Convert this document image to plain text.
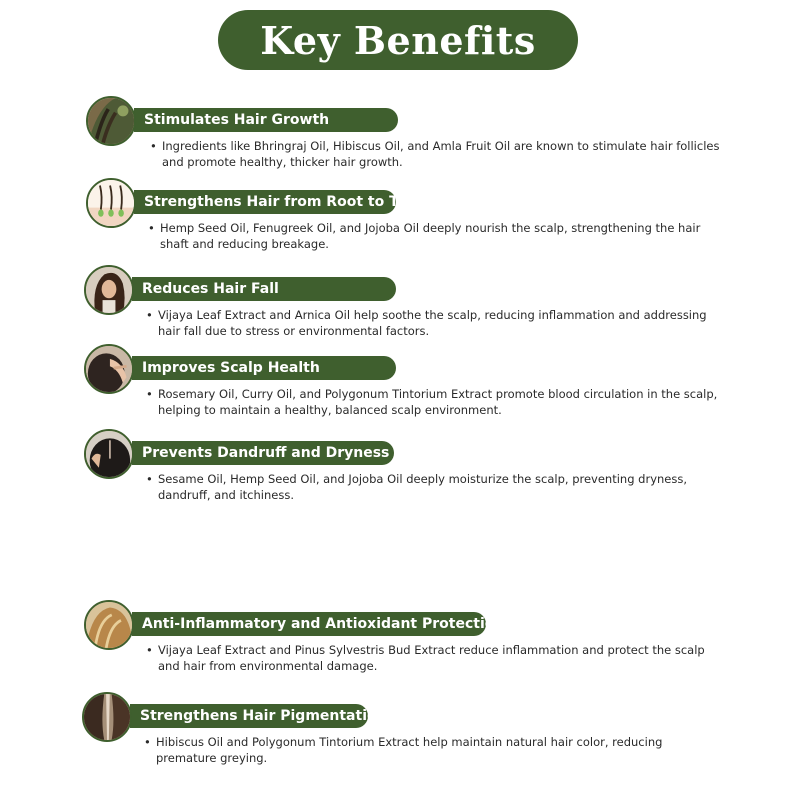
Key Benefits
Stimulates Hair Growth
• Ingredients like Bhringraj Oil, Hibiscus Oil, and Amla Fruit Oil are known to stimulate hair follicles and promote healthy, thicker hair growth.
Strengthens Hair from Root to Tip
• Hemp Seed Oil, Fenugreek Oil, and Jojoba Oil deeply nourish the scalp, strengthening the hair shaft and reducing breakage.
Reduces Hair Fall
• Vijaya Leaf Extract and Arnica Oil help soothe the scalp, reducing inflammation and addressing hair fall due to stress or environmental factors.
Improves Scalp Health
• Rosemary Oil, Curry Oil, and Polygonum Tintorium Extract promote blood circulation in the scalp, helping to maintain a healthy, balanced scalp environment.
Prevents Dandruff and Dryness
• Sesame Oil, Hemp Seed Oil, and Jojoba Oil deeply moisturize the scalp, preventing dryness, dandruff, and itchiness.
Anti-Inflammatory and Antioxidant Protection
• Vijaya Leaf Extract and Pinus Sylvestris Bud Extract reduce inflammation and protect the scalp and hair from environmental damage.
Strengthens Hair Pigmentation
• Hibiscus Oil and Polygonum Tintorium Extract help maintain natural hair color, reducing premature greying.
